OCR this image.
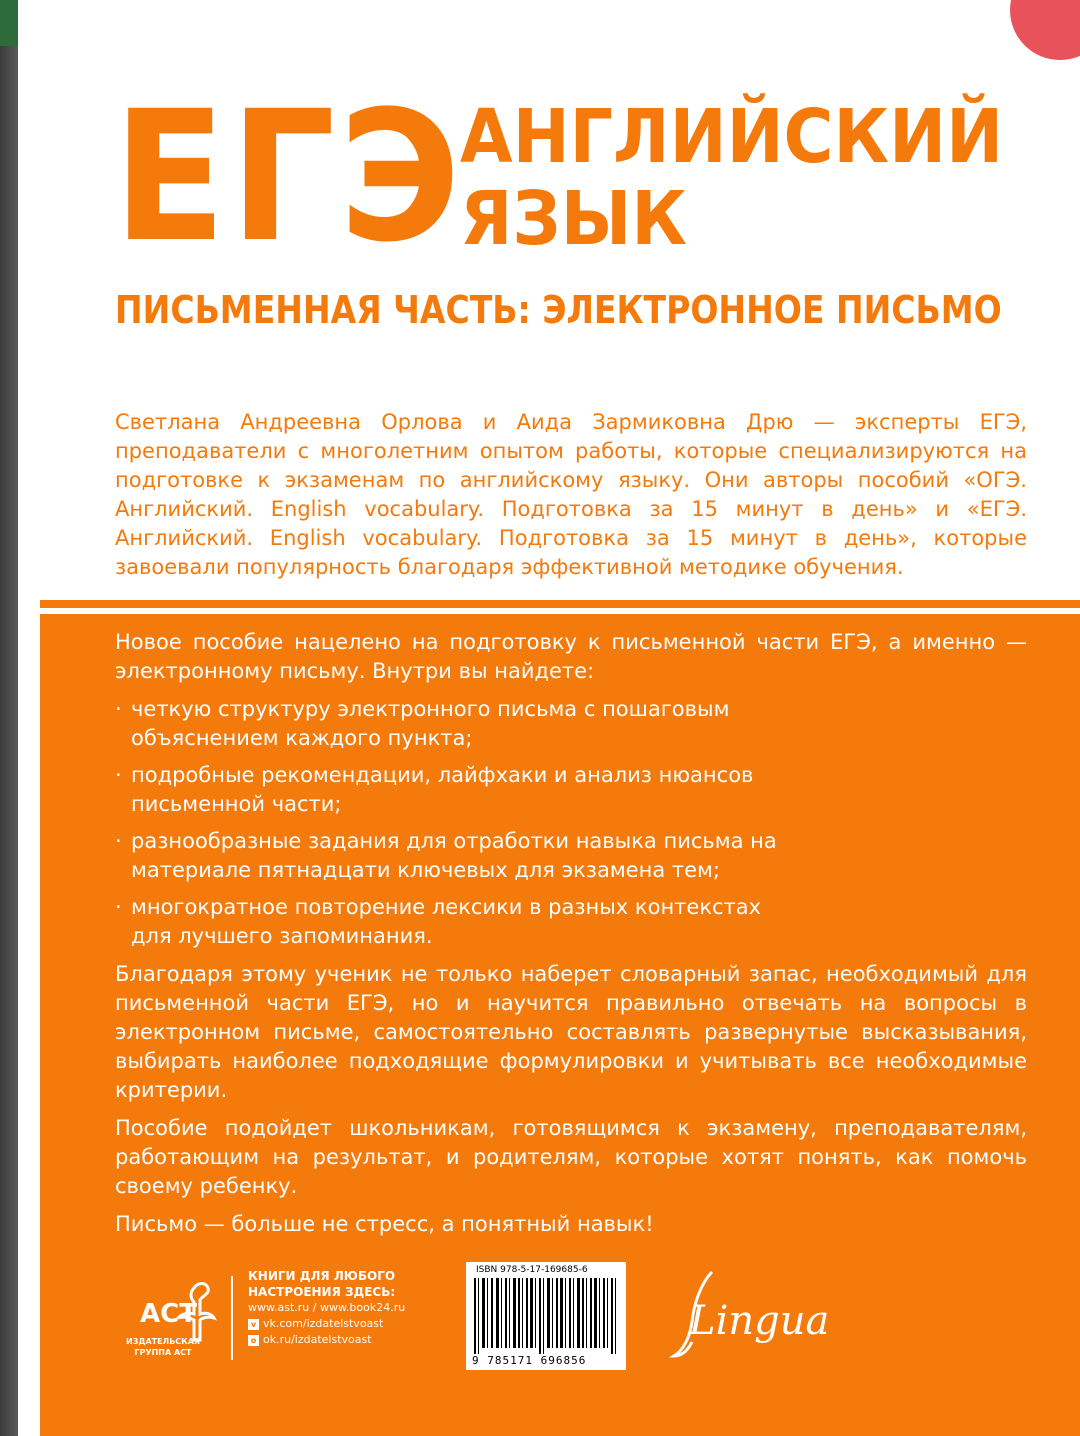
ЕГЭ
АНГЛИЙСКИЙ
ЯЗЫК
ПИСЬМЕННАЯ ЧАСТЬ: ЭЛЕКТРОННОЕ ПИСЬМО
Светлана Андреевна Орлова и Аида Зармиковна Дрю — эксперты ЕГЭ, преподаватели с многолетним опытом работы, которые специализируются на подготовке к экзаменам по английскому языку. Они авторы пособий «ОГЭ. Английский. English vocabulary. Подготовка за 15 минут в день» и «ЕГЭ. Английский. English vocabulary. Подготовка за 15 минут в день», которые завоевали популярность благодаря эффективной методике обучения.

Новое пособие нацелено на подготовку к письменной части ЕГЭ, а именно — электронному письму. Внутри вы найдете:

· четкую структуру электронного письма с пошаговым объяснением каждого пункта;
· подробные рекомендации, лайфхаки и анализ нюансов письменной части;
· разнообразные задания для отработки навыка письма на материале пятнадцати ключевых для экзамена тем;
· многократное повторение лексики в разных контекстах для лучшего запоминания.

Благодаря этому ученик не только наберет словарный запас, необходимый для письменной части ЕГЭ, но и научится правильно отвечать на вопросы в электронном письме, самостоятельно составлять развернутые высказывания, выбирать наиболее подходящие формулировки и учитывать все необходимые критерии.

Пособие подойдет школьникам, готовящимся к экзамену, преподавателям, работающим на результат, и родителям, которые хотят понять, как помочь своему ребенку.

Письмо — больше не стресс, а понятный навык!

АСТ
ИЗДАТЕЛЬСКАЯ ГРУППА АСТ
КНИГИ ДЛЯ ЛЮБОГО НАСТРОЕНИЯ ЗДЕСЬ:
www.ast.ru / www.book24.ru
v vk.com/izdatelstvoast
o ok.ru/izdatelstvoast
ISBN 978-5-17-169685-6
9 785171 696856
Lingua
